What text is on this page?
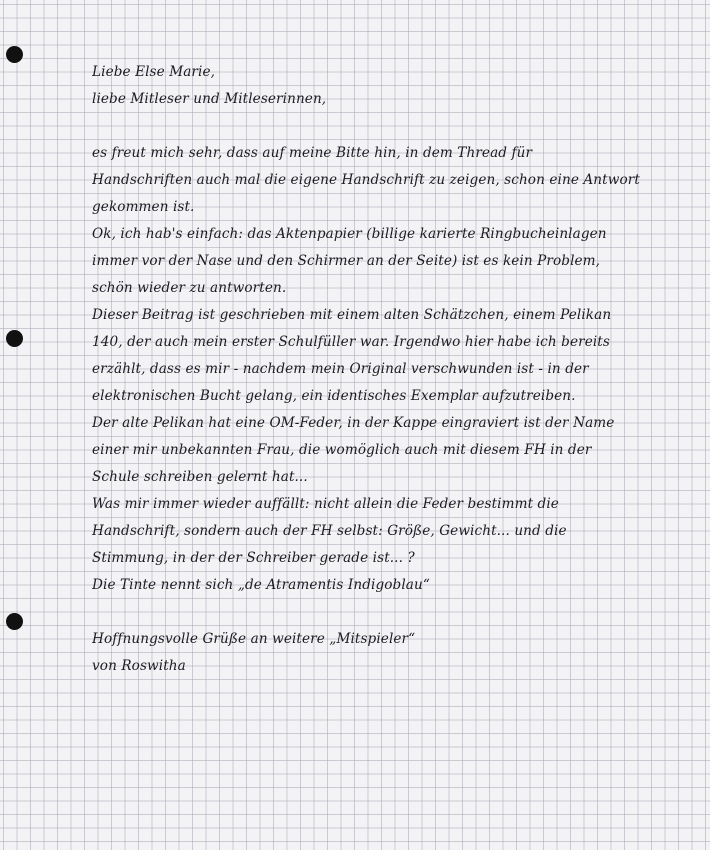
Liebe Else Marie,
liebe Mitleser und Mitleserinnen,
es freut mich sehr, dass auf meine Bitte hin, in dem Thread für
Handschriften auch mal die eigene Handschrift zu zeigen, schon eine Antwort
gekommen ist.
Ok, ich hab's einfach: das Aktenpapier (billige karierte Ringbucheinlagen
immer vor der Nase und den Schirmer an der Seite) ist es kein Problem,
schön wieder zu antworten.
Dieser Beitrag ist geschrieben mit einem alten Schätzchen, einem Pelikan
140, der auch mein erster Schulfüller war. Irgendwo hier habe ich bereits
erzählt, dass es mir - nachdem mein Original verschwunden ist - in der
elektronischen Bucht gelang, ein identisches Exemplar aufzutreiben.
Der alte Pelikan hat eine OM-Feder, in der Kappe eingraviert ist der Name
einer mir unbekannten Frau, die womöglich auch mit diesem FH in der
Schule schreiben gelernt hat...
Was mir immer wieder auffällt: nicht allein die Feder bestimmt die
Handschrift, sondern auch der FH selbst: Größe, Gewicht... und die
Stimmung, in der der Schreiber gerade ist... ?
Die Tinte nennt sich „de Atramentis Indigoblau“
Hoffnungsvolle Grüße an weitere „Mitspieler“
von Roswitha
